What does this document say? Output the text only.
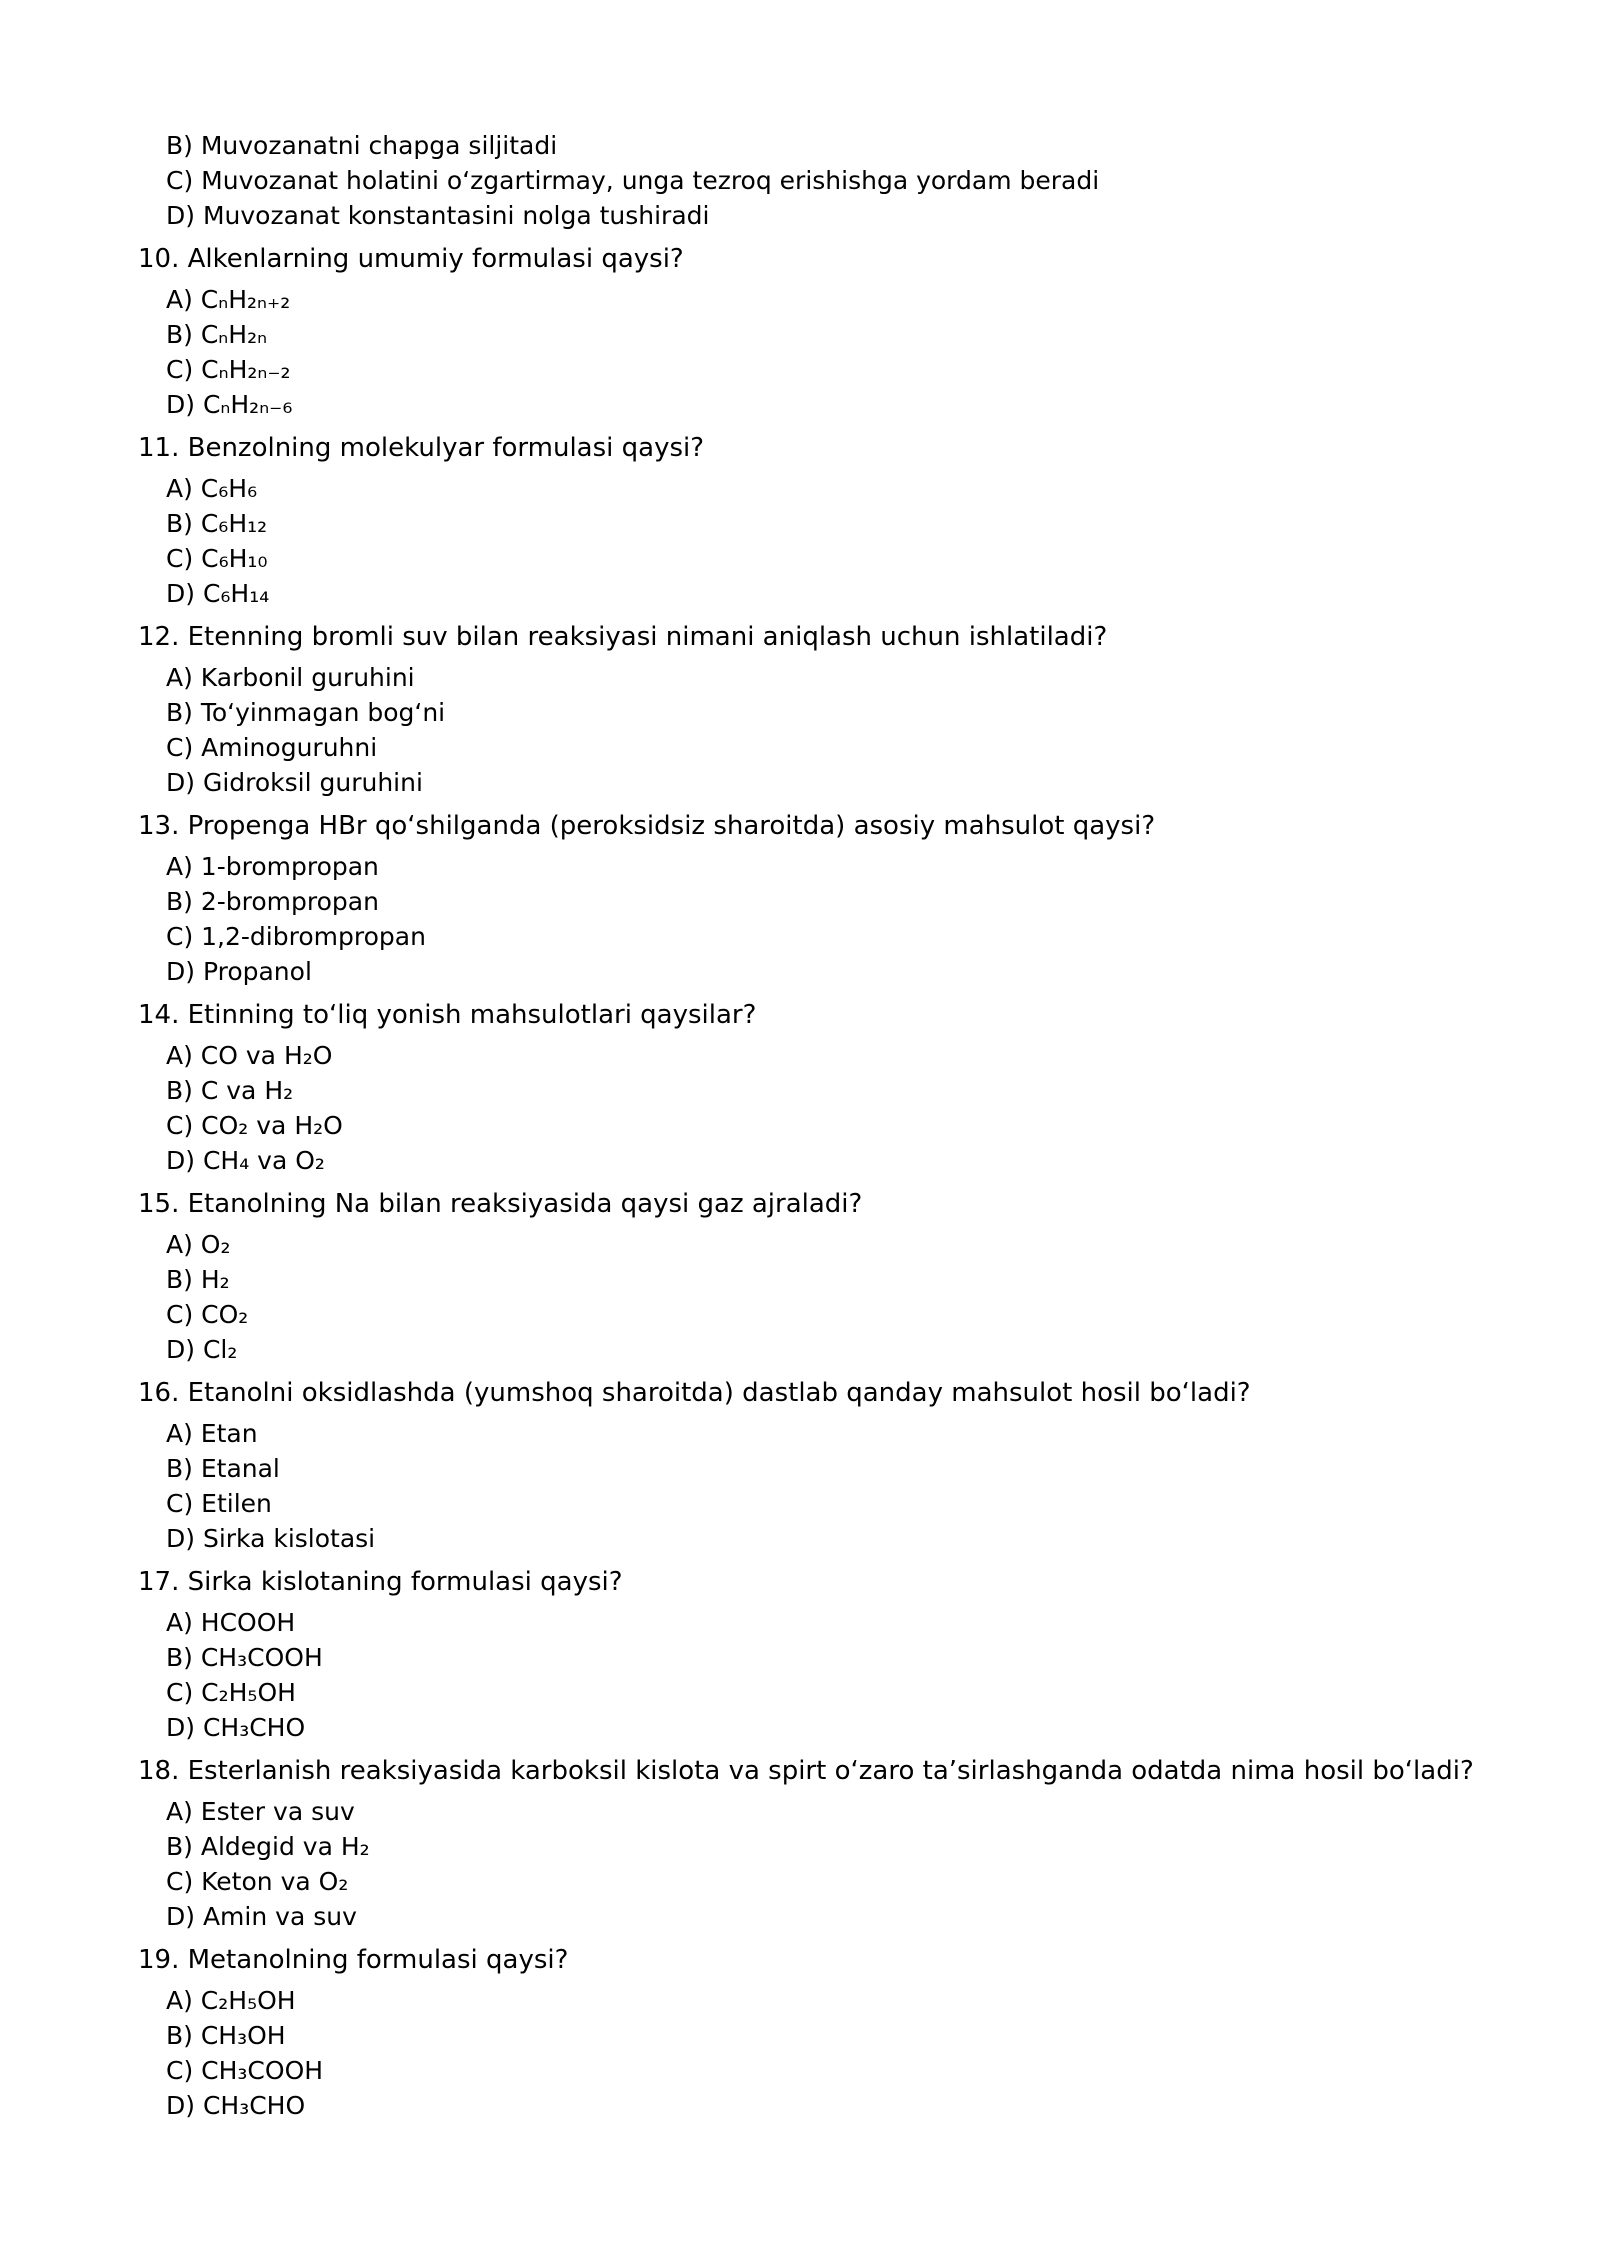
B) Muvozanatni chapga siljitadi
C) Muvozanat holatini o‘zgartirmay, unga tezroq erishishga yordam beradi
D) Muvozanat konstantasini nolga tushiradi
10. Alkenlarning umumiy formulasi qaysi?
A) CₙH₂ₙ₊₂
B) CₙH₂ₙ
C) CₙH₂ₙ₋₂
D) CₙH₂ₙ₋₆
11. Benzolning molekulyar formulasi qaysi?
A) C₆H₆
B) C₆H₁₂
C) C₆H₁₀
D) C₆H₁₄
12. Etenning bromli suv bilan reaksiyasi nimani aniqlash uchun ishlatiladi?
A) Karbonil guruhini
B) To‘yinmagan bog‘ni
C) Aminoguruhni
D) Gidroksil guruhini
13. Propenga HBr qo‘shilganda (peroksidsiz sharoitda) asosiy mahsulot qaysi?
A) 1-brompropan
B) 2-brompropan
C) 1,2-dibrompropan
D) Propanol
14. Etinning to‘liq yonish mahsulotlari qaysilar?
A) CO va H₂O
B) C va H₂
C) CO₂ va H₂O
D) CH₄ va O₂
15. Etanolning Na bilan reaksiyasida qaysi gaz ajraladi?
A) O₂
B) H₂
C) CO₂
D) Cl₂
16. Etanolni oksidlashda (yumshoq sharoitda) dastlab qanday mahsulot hosil bo‘ladi?
A) Etan
B) Etanal
C) Etilen
D) Sirka kislotasi
17. Sirka kislotaning formulasi qaysi?
A) HCOOH
B) CH₃COOH
C) C₂H₅OH
D) CH₃CHO
18. Esterlanish reaksiyasida karboksil kislota va spirt o‘zaro ta’sirlashganda odatda nima hosil bo‘ladi?
A) Ester va suv
B) Aldegid va H₂
C) Keton va O₂
D) Amin va suv
19. Metanolning formulasi qaysi?
A) C₂H₅OH
B) CH₃OH
C) CH₃COOH
D) CH₃CHO
